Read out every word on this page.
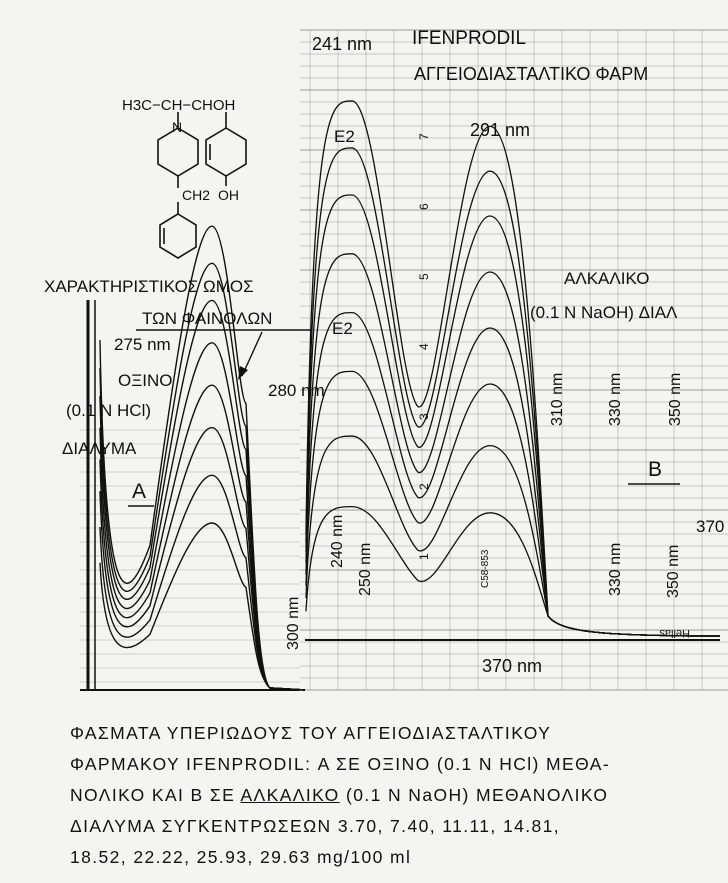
H3C−CH−CHOH
N
CH2 OH
241 nm IFENPRODIL
ΑΓΓΕΙΟΔΙΑΣΤΑΛΤΙΚΟ ΦΑΡΜ
E2
E2
ΧΑΡΑΚΤΗΡΙΣΤΙΚΟΣ ΩΜΟΣ
ΤΩΝ ΦΑΙΝΟΛΩΝ
275 nm
280 nm
ΟΞΙΝΟ
(0.1 N HCl)
ΔΙΑΛΥΜΑ
A
291 nm
ΑΛΚΑΛΙΚΟ
(0.1 N NaOH) ΔΙΑΛ
B
240 nm
250 nm
300 nm
310 nm	330 nm	350 nm
330 nm	350 nm
370 nm
370
C58-853
Hellas
1
2
3
4
5
6
7
ΦΑΣΜΑΤΑ ΥΠΕΡΙΩΔΟΥΣ ΤΟΥ ΑΓΓΕΙΟΔΙΑΣΤΑΛΤΙΚΟΥ
ΦΑΡΜΑΚΟΥ IFENPRODIL: Α ΣΕ ΟΞΙΝΟ (0.1 N HCl) ΜΕΘΑ-
ΝΟΛΙΚΟ ΚΑΙ Β ΣΕ ΑΛΚΑΛΙΚΟ (0.1 N NaOH) ΜΕΘΑΝΟΛΙΚΟ
ΔΙΑΛΥΜΑ ΣΥΓΚΕΝΤΡΩΣΕΩΝ 3.70, 7.40, 11.11, 14.81,
18.52, 22.22, 25.93, 29.63 mg/100 ml
